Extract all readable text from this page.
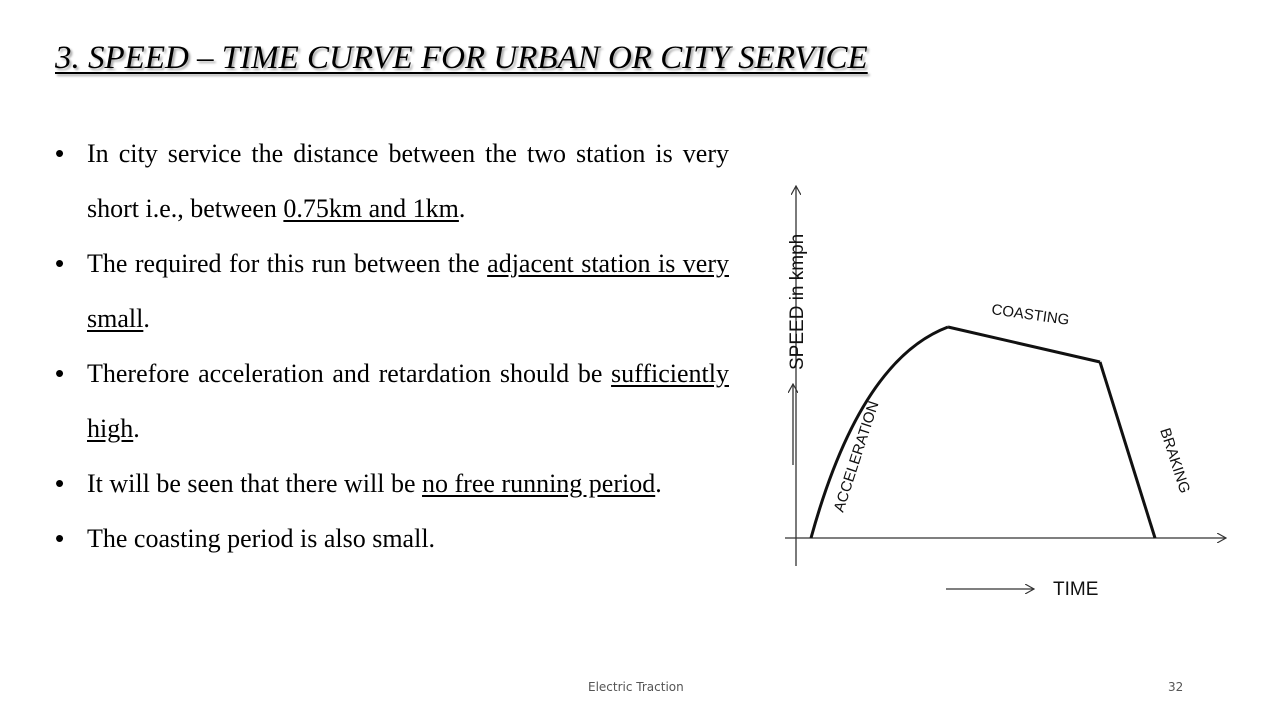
3. SPEED – TIME CURVE FOR URBAN OR CITY SERVICE
• In city service the distance between the two station is very short i.e., between 0.75km and 1km.
• The required for this run between the adjacent station is very small.
• Therefore acceleration and retardation should be sufficiently high.
• It will be seen that there will be no free running period.
• The coasting period is also small.
SPEED in kmph
TIME
ACCELERATION
COASTING
BRAKING
Electric Traction	32
